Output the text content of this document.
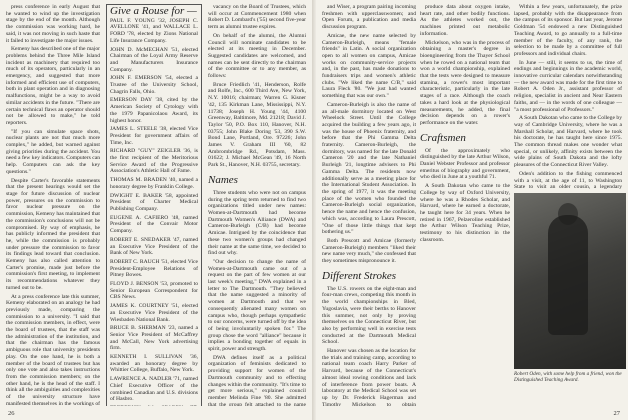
press conference in early August that he wanted to wind up the investigation stage by the end of the month. Although the commission was working hard, he said, it was not moving in such haste that it failed to investigate the major issues.

Kemeny has described one of the major problems behind the Three Mile Island incident as machinery that required too much of its operators, particularly in an emergency, and suggested that more informed and efficient use of computers, both in plant operation and in diagnosing malfunctions, might be a way to avoid similar accidents in the future. "There are certain technical flaws an operator should not be allowed to make," he told reporters.

"If you can simulate space shots, nuclear plants are not that much more complex," he added, but warned against giving priorities during the accident. You need a few key indicators. Computers can help. Computers can ask the key questions."

Despite Carter's favorable statements that the present hearings would set the stage for future discussion of nuclear power, pressures on the commission to favor nuclear pressure on the commission, Kemeny has maintained that the commission's conclusions will not be compromised. By way of emphasis, he has publicly informed the president that he, while the commission is probably under pressure the commission to favor its findings lead toward that conclusion. Kemeny has also called attention to Carter's promise, made just before the commission's first meeting, to implement its recommendations whatever they turned out to be.

At a press conference late this summer, Kemeny elaborated on an analogy he had previously made, comparing the commission to a university. "I said that the commission members, in effect, were the board of trustees, that the staff was the administration of the institution, and that the chairman has the famous ambiguous role that university presidents play. On the one hand, he is both a member of the board of trustees but has only one vote and also takes instructions from the commission members; on the other hand, he is the head of the staff. I think all the ambiguities and complexities of the university structure have manifested themselves in the workings of

Give a Rouse for —

PAUL F. YOUNG '32, JOSEPH C. AVELLONE '41, and WALLACE L. FORD '78, elected by Zions National Life Insurance Company.

JOHN D. McMECHAN '51, elected Chairman of the Loyal Army Reserve and Manufacturers Insurance Company.

JOHN F. EMERSON '54, elected a Trustee of the University School, Chagrin Falls, Ohio.

EMERSON DAY '38, cited by the American Society of Cytology with the 1979 Papanicolaou Award, its highest honor.

JAMES L. STEELE '38, elected Vice President for government affairs of Time, Inc.

RICHARD "GUY" ZEIGLER '36, is the first recipient of the Meritorious Service Award of the Progressive Association's Athletic Hall of Fame.

THOMAS M. BRADEN '40, named a honorary degree by Franklin College.

DWIGHT E. BAKER '58, appointed President of Charter Medical Publishing Company.

EUGENE A. CAFIERO '48, named President of the Convair Motor Company.

ROBERT E. SNEDAKER '47, named an Executive Vice President of the Bank of New York.

ROBERT C. RAUCH '51, elected Vice President-Employee Relations of Pitney Bowes.

FLOYD J. BENSON '53, promoted to Senior European Correspondent for CBS News.

JAMES K. COURTNEY '51, elected an Executive Vice President of the Wiesbaden National Bank.

BRUCE B. SHERMAN '23, named a Senior Vice President of McCaffrey and McCall, New York advertising firm.

KENNETH I. SULLIVAN '36, awarded an honorary degree by Whittier College, Buffalo, New York.

LAWRENCE A. NADLER '71, named Chief Executive Officer of the combined Canadian and U.S. divisions of Hasbro.

vacancy on the Board of Trustees, which will occur at Commencement 1980 when Robert D. Lombard's ('55) second five-year term as alumni trustee expires.

On behalf of the alumni, the Alumni Council will nominate candidates to be elected at its meeting in December. Suggested candidates are welcomed, and names can be sent directly to the chairman of the committee or to any member, as follows:

Bruce Friedlich '41, Henderson, Rolfe and Rolfe, Inc., 600 Third Ave, New York, N.Y. 10016; chairman; Warren G. Kisner '42, 135 Kirkman Lane, Mississippi, N.Y. 11738; Joseph H. Young '44, 4100 Greenway, Baltimore, Md. 21218; David J. Taylor '50, P.O. Box 110, Hanover, N.H. 03755; John Blake Doring '53, 390 S.W. Bond Lane, Portland, Ore. 97226; John James V. Graham III '60, 82 Ambrombridge Rd., Potsdam, Mass. 01622; J. Michael McGean '49, 16 North Park St., Hanover, N.H. 03755, secretary.

Names

Three students who were not on campus during the spring term returned to find two organizations titled under new names: Women-at-Dartmouth had become Dartmouth Women's Alliance (DWA) and Cameron-Burleigh (C/B) had become Amicae. Intrigued by the coincidence that these two women's groups had changed their name at the same time, we decided to find out why.

"Our decision to change the name of Women-at-Dartmouth came out of a request on the part of few women at our last week's meeting," DWA explained in a letter to The Dartmouth. "They believed that the name suggested a minority of women at Dartmouth and that we consequently alienated many women on campus who, though perhaps sympathetic to our concerns, were turned off by the idea of being involuntarily spoken for." The group chose the word "alliance" because it implies a bonding together of equals in spirit, power and strength.

DWA defines itself as a political organization of feminists dedicated to providing support for women of the Dartmouth community and to effecting changes within the community. "It's time to get more serious," explained council member Melinda Fine '80. She admitted that the group felt attached to the name

26

and Wiser, a program pairing incoming freshmen with upperclasswomen; and Open Forum, a publication and media discussion program.

Amicae, the new name selected by Cameron-Burleigh, means "female friends" in Latin. A social organization open to all women on campus, Amicae works on community-service projects and, in the past, has made donations to fundraisers trips and women's athletic clubs. "We liked the name C/B," said Laura Fleck '80. "We just had wanted something that was our own."

Cameron-Burleigh is also the name of an all-male dormitory located on West Wheelock Street. Until the College acquired the building a few years ago, it was the house of Phoenix fraternity, and before that the Phi Gamma Delta fraternity. Cameron-Burleigh, the dormitory, was named for the late Donald Cameron '20 and the late Nathaniel Burleigh '21, longtime advisers to Phi Gamma Delta. The residents now additionally serve as a meeting place for the International Student Association. In the spring of 1977, it was the meeting place of the women who founded the Cameron-Burleigh social organization, hence the name and hence the confusion, which was, according to Laura Prescott, "One of those little things that kept bothering us."

Both Prescott and Amicae (formerly Cameron-Burleigh) members "liked their new name very much," she confessed that they sometimes mispronounce it.

Different Strokes

The U.S. rowers on the eight-man and four-man crews, competing this month in the world championships in Bled, Yugoslavia, were their berths to Hanover this summer, not only by proving themselves on the Connecticut River, but also by performing well in exercise tests conducted at the Dartmouth Medical School.

Hanover was chosen as the location for the trials and training camp, according to national team coach Harry Parker of Harvard, because of the Connecticut's almost ideal rowing conditions and lack of interference from power boats. A laboratory at the Medical School was set up by Dr. Frederick Hagerman and Timothy Mickelson to obtain

produce data about oxygen intake, heart rate, and other bodily functions. As the athletes worked out, the machines printed out metabolic information.

Mickelson, who was in the process of obtaining a master's degree in bioengineering from the Thayer School when he rowed on a national team that won a world championship, explained that the tests were designed to measure stamina, a rower's most important characteristic, particularly in the late stages of a race. Although the coach takes a hard look at the physiological measurements, he added, the final decision depends on a rower's performance on the water.

Craftsmen

Of the approximately who distinguished by the late Arthur Wilson, Daniel Webster Professor and professor emeritus of biography and government, who died in June at a youthful 71.

A South Dakotan who came to the College by way of Oxford University, where he was a Rhodes Scholar, and Harvard, where he earned a doctorate, he taught here for 34 years. When he retired in 1967, Pelzeroline established the Arthur Wilson Teaching Prize, testimony to his distinction in the classroom.

Within a few years, unfortunately, the prize lapsed, probably with the disappearance from the campus of its sponsor. But last year, Jerome Goldman '54 endowed a new Distinguished Teaching Award, to go annually to a full-time member of the faculty, of any rank, the selection to be made by a committee of full professors and individual chairs.

In June — still, it seems to us, the time of endings and beginnings in the academic world, innovative curricular calendars notwithstanding — the new award was made for the first time to Robert A. Oden Jr., assistant professor of religion, specialist in ancient and Near Eastern faiths, and — in the words of one colleague — "a most professional of Professors."

A South Dakotan who came to the College by way of Cambridge University, where he was a Marshall Scholar, and Harvard, where he took his doctorate, he has taught here since 1975. The common thread makes one wonder what special, or unlikely, affinity exists between the wide plains of South Dakota and the lofty pleasures of the Connecticut River Valley.

Oden's addition to the fishing commenced with a visit, at the age of 11, to Washington State to visit an older cousin, a legendary

Robert Oden, with some help from a friend, won the Distinguished Teaching Award.
27
